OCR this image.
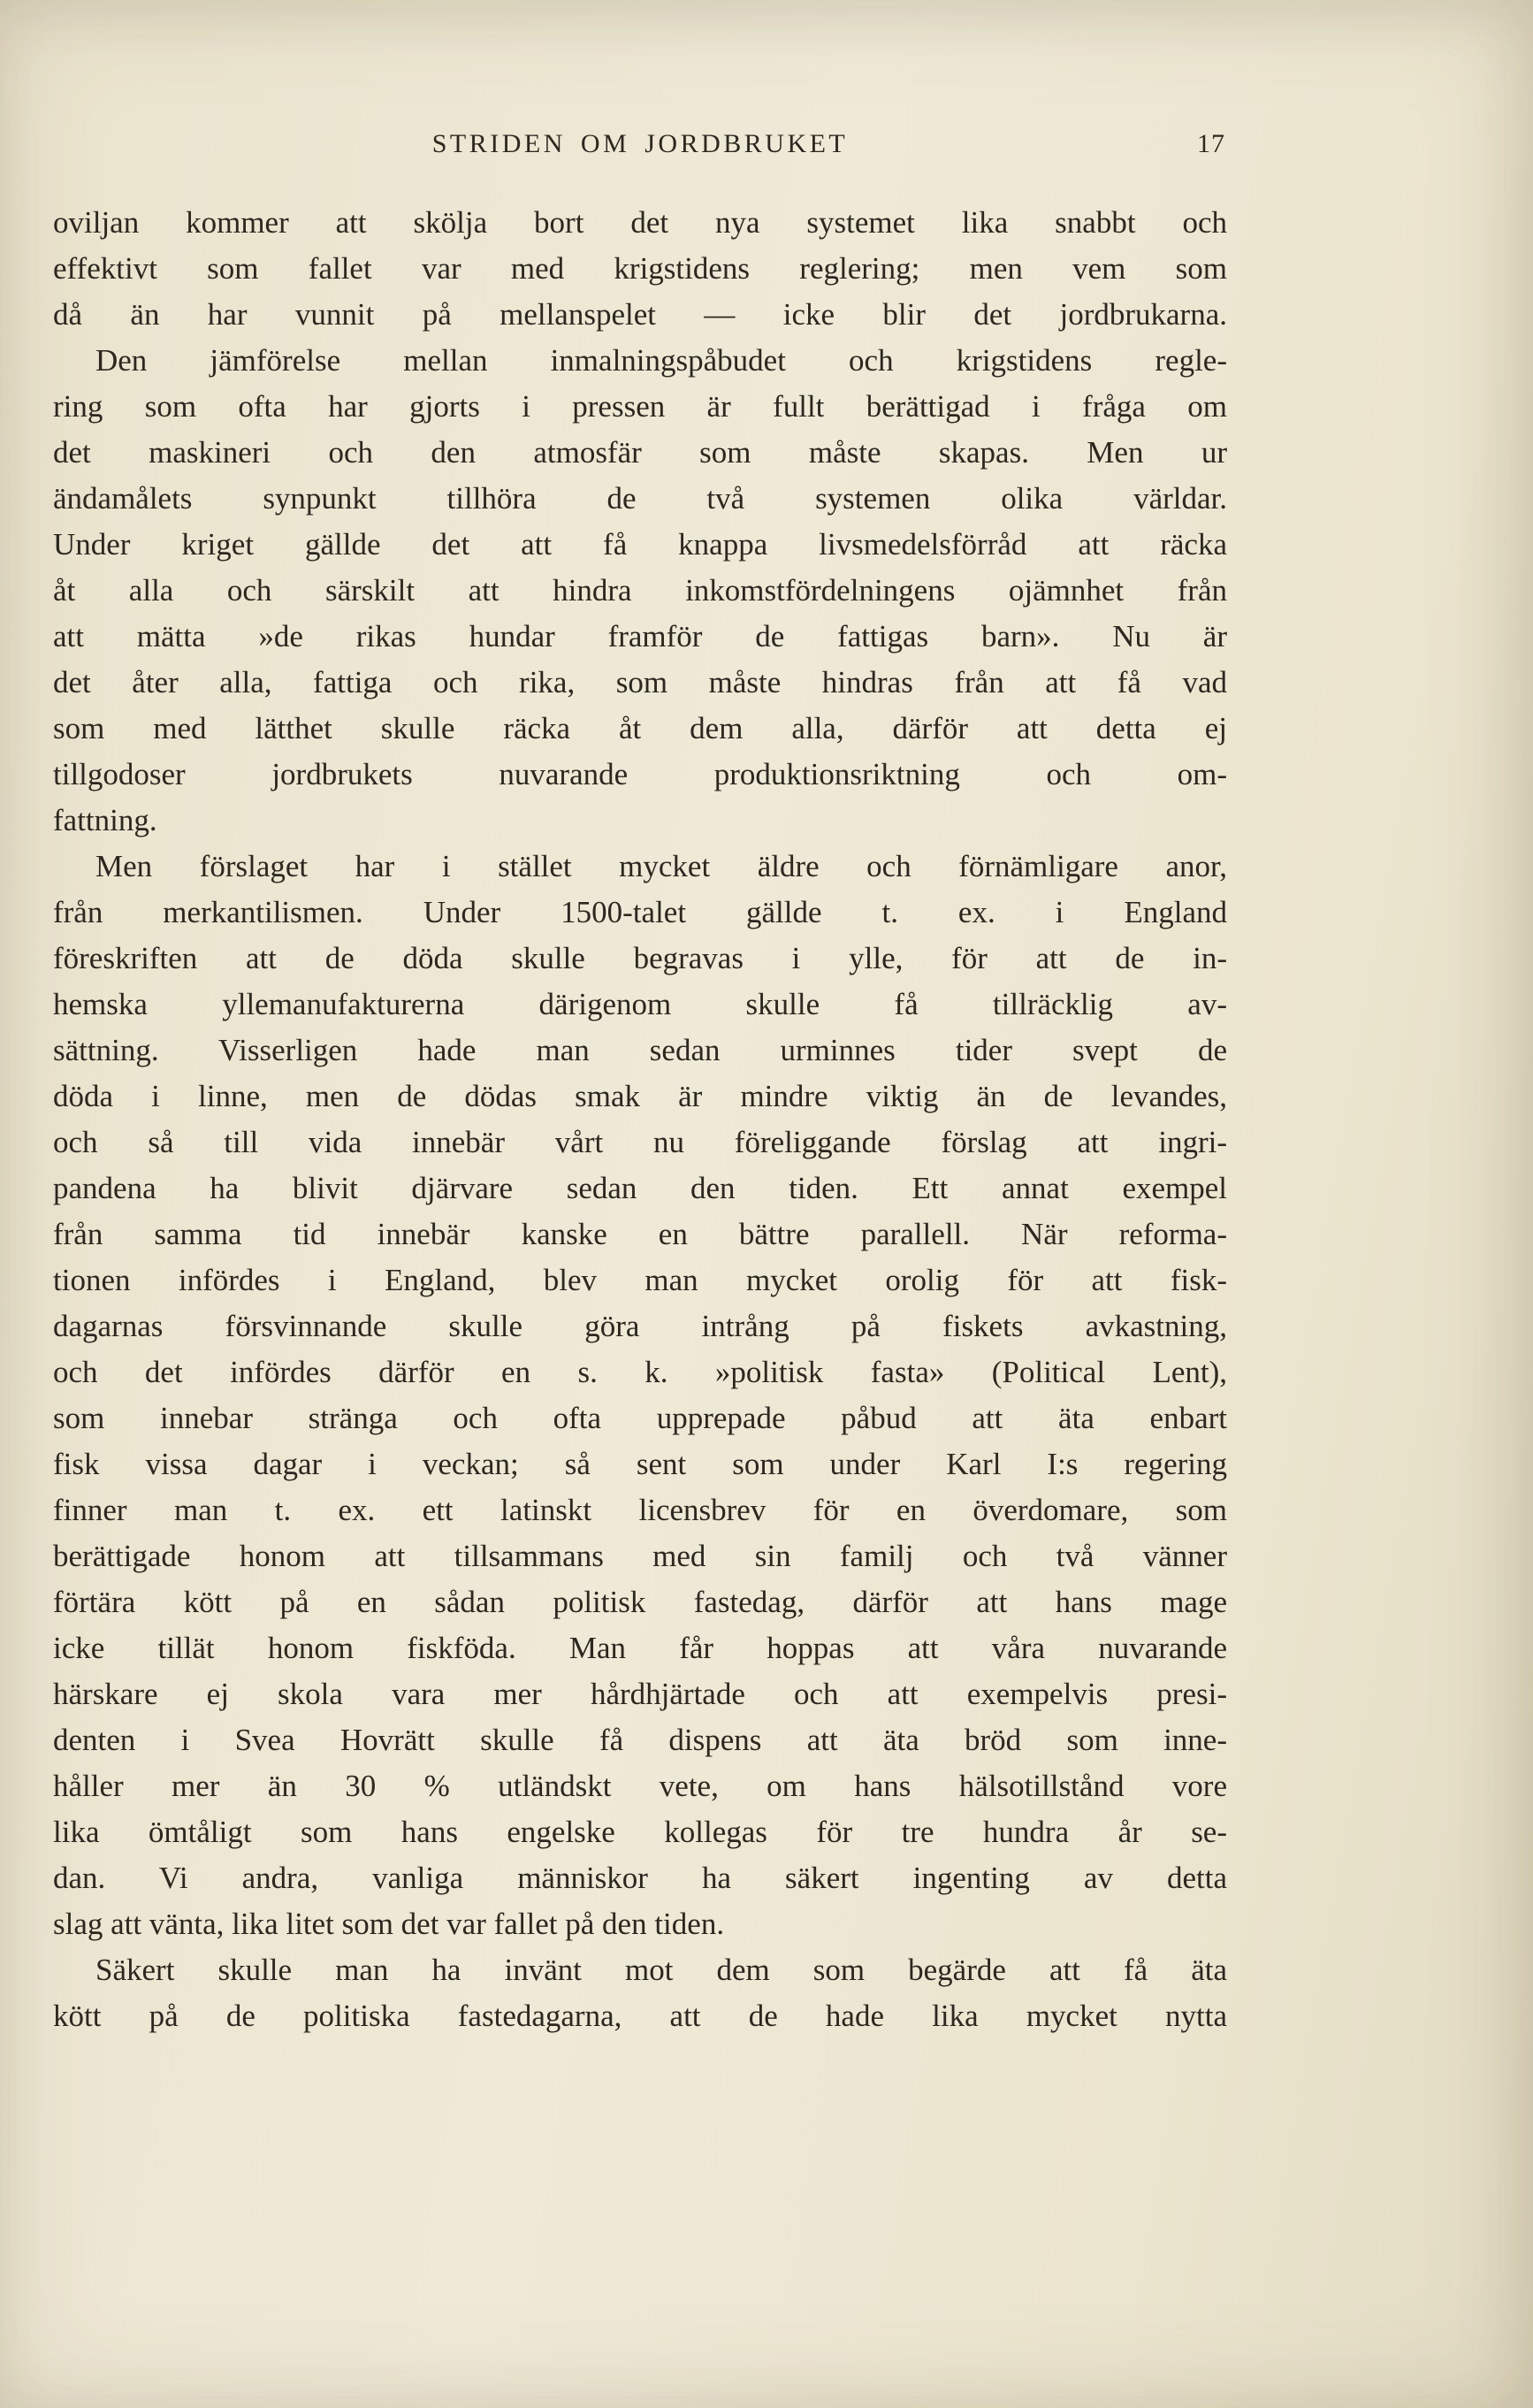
STRIDEN OM JORDBRUKET	17
oviljan kommer att skölja bort det nya systemet lika snabbt och
effektivt som fallet var med krigstidens reglering; men vem som
då än har vunnit på mellanspelet — icke blir det jordbrukarna.
Den jämförelse mellan inmalningspåbudet och krigstidens regle-
ring som ofta har gjorts i pressen är fullt berättigad i fråga om
det maskineri och den atmosfär som måste skapas. Men ur
ändamålets synpunkt tillhöra de två systemen olika världar.
Under kriget gällde det att få knappa livsmedelsförråd att räcka
åt alla och särskilt att hindra inkomstfördelningens ojämnhet från
att mätta »de rikas hundar framför de fattigas barn». Nu är
det åter alla, fattiga och rika, som måste hindras från att få vad
som med lätthet skulle räcka åt dem alla, därför att detta ej
tillgodoser jordbrukets nuvarande produktionsriktning och om-
fattning.
Men förslaget har i stället mycket äldre och förnämligare anor,
från merkantilismen. Under 1500-talet gällde t. ex. i England
föreskriften att de döda skulle begravas i ylle, för att de in-
hemska yllemanufakturerna därigenom skulle få tillräcklig av-
sättning. Visserligen hade man sedan urminnes tider svept de
döda i linne, men de dödas smak är mindre viktig än de levandes,
och så till vida innebär vårt nu föreliggande förslag att ingri-
pandena ha blivit djärvare sedan den tiden. Ett annat exempel
från samma tid innebär kanske en bättre parallell. När reforma-
tionen infördes i England, blev man mycket orolig för att fisk-
dagarnas försvinnande skulle göra intrång på fiskets avkastning,
och det infördes därför en s. k. »politisk fasta» (Political Lent),
som innebar stränga och ofta upprepade påbud att äta enbart
fisk vissa dagar i veckan; så sent som under Karl I:s regering
finner man t. ex. ett latinskt licensbrev för en överdomare, som
berättigade honom att tillsammans med sin familj och två vänner
förtära kött på en sådan politisk fastedag, därför att hans mage
icke tillät honom fiskföda. Man får hoppas att våra nuvarande
härskare ej skola vara mer hårdhjärtade och att exempelvis presi-
denten i Svea Hovrätt skulle få dispens att äta bröd som inne-
håller mer än 30 % utländskt vete, om hans hälsotillstånd vore
lika ömtåligt som hans engelske kollegas för tre hundra år se-
dan. Vi andra, vanliga människor ha säkert ingenting av detta
slag att vänta, lika litet som det var fallet på den tiden.
Säkert skulle man ha invänt mot dem som begärde att få äta
kött på de politiska fastedagarna, att de hade lika mycket nytta
